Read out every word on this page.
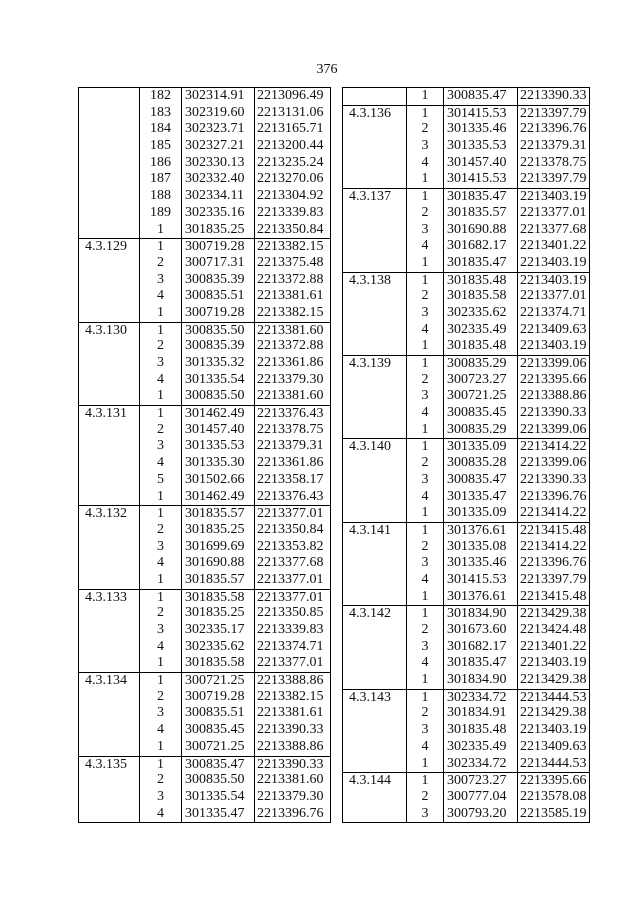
376
182	302314.91 2213096.49
183	302319.60 2213131.06
184	302323.71 2213165.71
185	302327.21 2213200.44
186	302330.13 2213235.24
187	302332.40 2213270.06
188	302334.11 2213304.92
189	302335.16 2213339.83
1	301835.25 2213350.84
4.3.129	1	300719.28 2213382.15
2	300717.31 2213375.48
3	300835.39 2213372.88
4	300835.51 2213381.61
1	300719.28 2213382.15
4.3.130	1	300835.50 2213381.60
2	300835.39 2213372.88
3	301335.32 2213361.86
4	301335.54 2213379.30
1	300835.50 2213381.60
4.3.131	1	301462.49 2213376.43
2	301457.40 2213378.75
3	301335.53 2213379.31
4	301335.30 2213361.86
5	301502.66 2213358.17
1	301462.49 2213376.43
4.3.132	1	301835.57 2213377.01
2	301835.25 2213350.84
3	301699.69 2213353.82
4	301690.88 2213377.68
1	301835.57 2213377.01
4.3.133	1	301835.58 2213377.01
2	301835.25 2213350.85
3	302335.17 2213339.83
4	302335.62 2213374.71
1	301835.58 2213377.01
4.3.134	1	300721.25 2213388.86
2	300719.28 2213382.15
3	300835.51 2213381.61
4	300835.45 2213390.33
1	300721.25 2213388.86
4.3.135	1	300835.47 2213390.33
2	300835.50 2213381.60
3	301335.54 2213379.30
4	301335.47 2213396.76
1	300835.47 2213390.33
4.3.136	1	301415.53 2213397.79
2	301335.46 2213396.76
3	301335.53 2213379.31
4	301457.40 2213378.75
1	301415.53 2213397.79
4.3.137	1	301835.47 2213403.19
2	301835.57 2213377.01
3	301690.88 2213377.68
4	301682.17 2213401.22
1	301835.47 2213403.19
4.3.138	1	301835.48 2213403.19
2	301835.58 2213377.01
3	302335.62 2213374.71
4	302335.49 2213409.63
1	301835.48 2213403.19
4.3.139	1	300835.29 2213399.06
2	300723.27 2213395.66
3	300721.25 2213388.86
4	300835.45 2213390.33
1	300835.29 2213399.06
4.3.140	1	301335.09 2213414.22
2	300835.28 2213399.06
3	300835.47 2213390.33
4	301335.47 2213396.76
1	301335.09 2213414.22
4.3.141	1	301376.61 2213415.48
2	301335.08 2213414.22
3	301335.46 2213396.76
4	301415.53 2213397.79
1	301376.61 2213415.48
4.3.142	1	301834.90 2213429.38
2	301673.60 2213424.48
3	301682.17 2213401.22
4	301835.47 2213403.19
1	301834.90 2213429.38
4.3.143	1	302334.72 2213444.53
2	301834.91 2213429.38
3	301835.48 2213403.19
4	302335.49 2213409.63
1	302334.72 2213444.53
4.3.144	1	300723.27 2213395.66
2	300777.04 2213578.08
3	300793.20 2213585.19
